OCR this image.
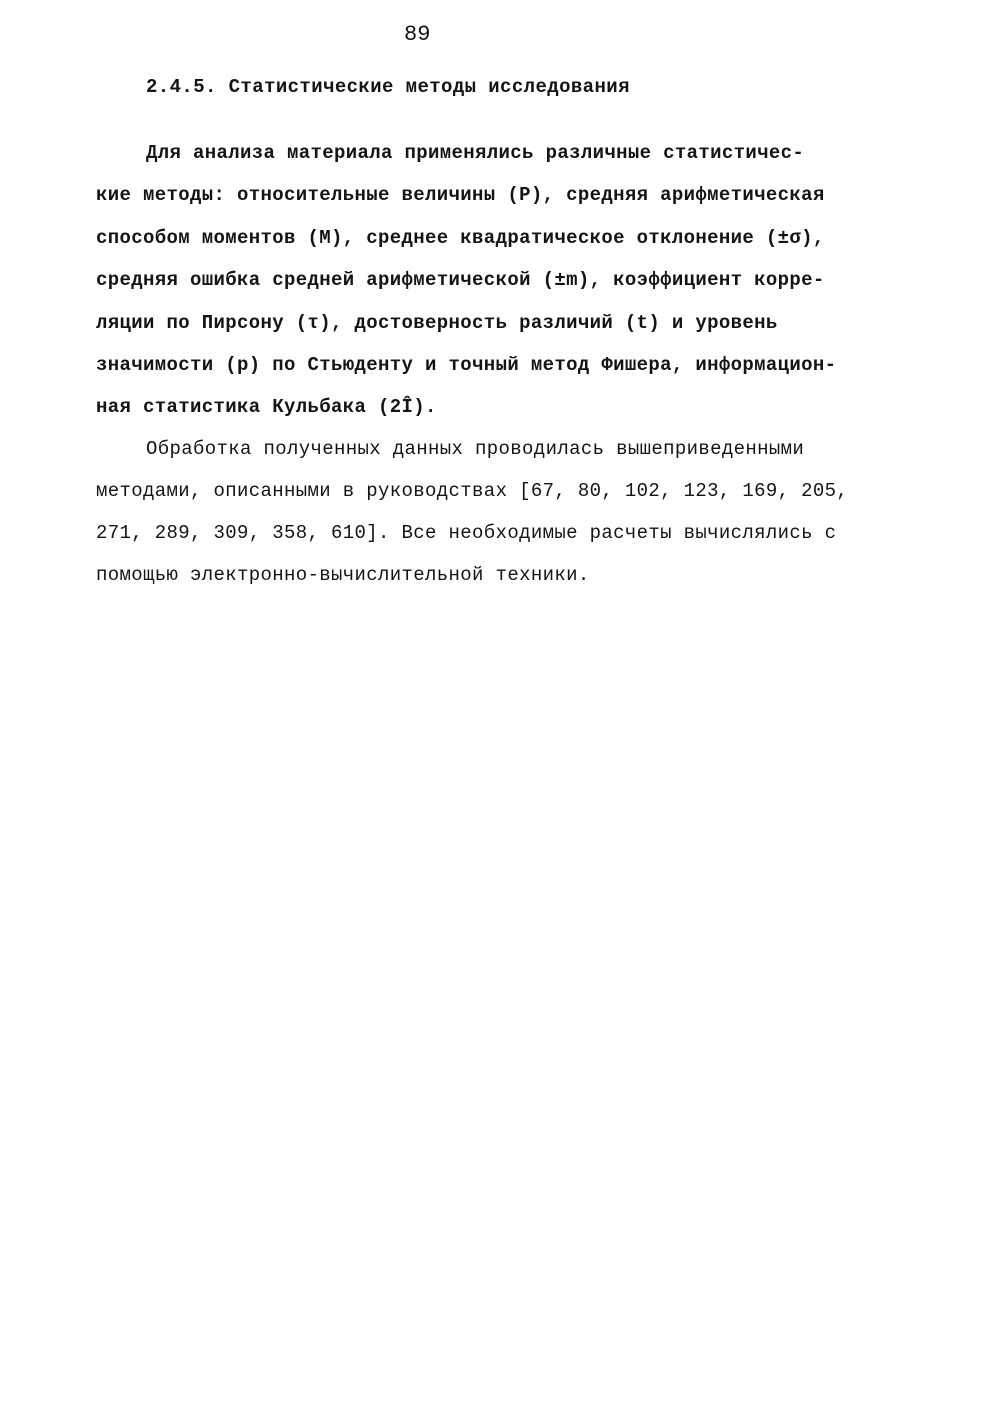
89
2.4.5. Статистические методы исследования
Для анализа материала применялись различные статистичес-
кие методы: относительные величины (P), средняя арифметическая
способом моментов (M), среднее квадратическое отклонение (±σ),
средняя ошибка средней арифметической (±m), коэффициент корре-
ляции по Пирсону (τ), достоверность различий (t) и уровень
значимости (р) по Стьюденту и точный метод Фишера, информацион-
ная статистика Кульбака (2Î).
Обработка полученных данных проводилась вышеприведенными
методами, описанными в руководствах [67, 80, 102, 123, 169, 205,
271, 289, 309, 358, 610]. Все необходимые расчеты вычислялись с
помощью электронно-вычислительной техники.
